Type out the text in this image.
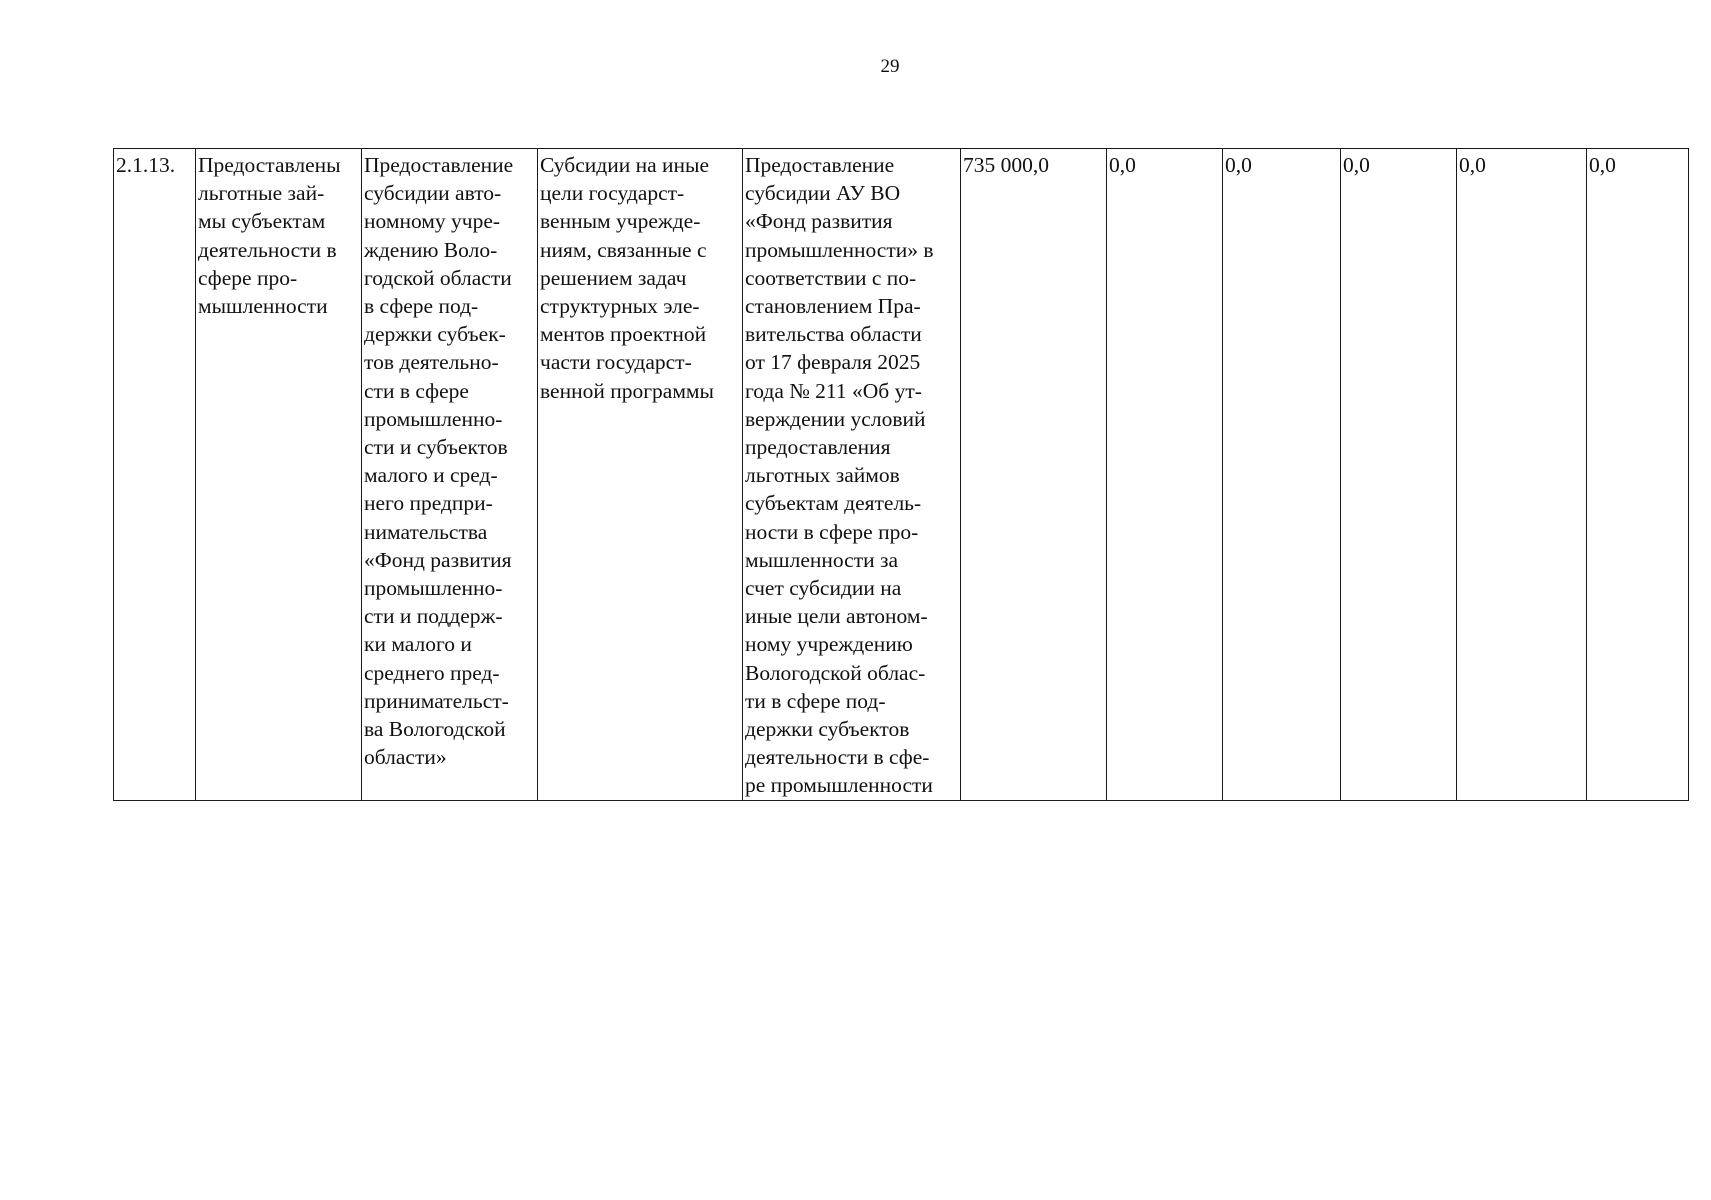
29
2.1.13.	Предоставлены
льготные зай-
мы субъектам
деятельности в
сфере про-
мышленности	Предоставление
субсидии авто-
номному учре-
ждению Воло-
годской области
в сфере под-
держки субъек-
тов деятельно-
сти в сфере
промышленно-
сти и субъектов
малого и сред-
него предпри-
нимательства
«Фонд развития
промышленно-
сти и поддерж-
ки малого и
среднего пред-
принимательст-
ва Вологодской
области»	Субсидии на иные
цели государст-
венным учрежде-
ниям, связанные с
решением задач
структурных эле-
ментов проектной
части государст-
венной программы	Предоставление
субсидии АУ ВО
«Фонд развития
промышленности» в
соответствии с по-
становлением Пра-
вительства области
от 17 февраля 2025
года № 211 «Об ут-
верждении условий
предоставления
льготных займов
субъектам деятель-
ности в сфере про-
мышленности за
счет субсидии на
иные цели автоном-
ному учреждению
Вологодской облас-
ти в сфере под-
держки субъектов
деятельности в сфе-
ре промышленности	735 000,0	0,0	0,0	0,0	0,0	0,0
